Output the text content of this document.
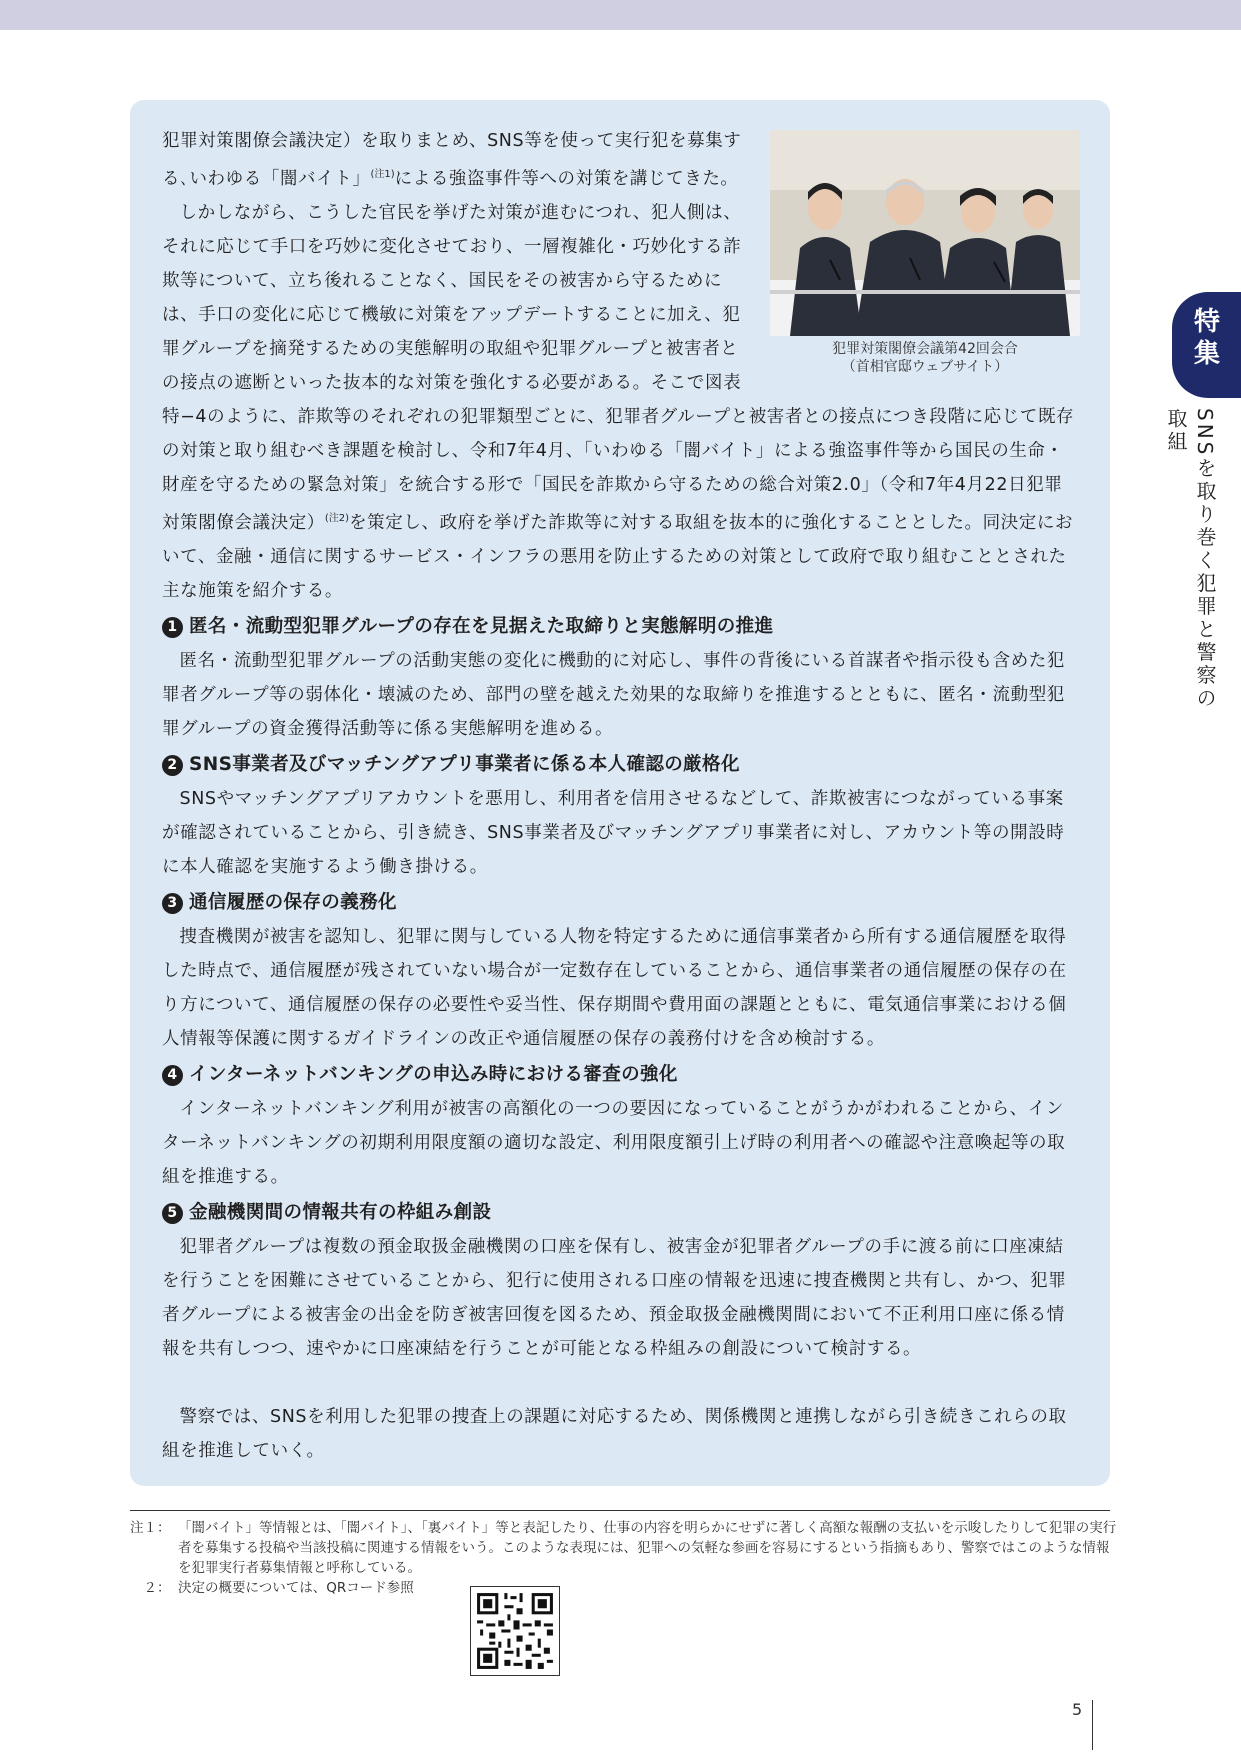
犯罪対策閣僚会議第42回会合
（首相官邸ウェブサイト）

犯罪対策閣僚会議決定）を取りまとめ、SNS等を使って実行犯を募集する､いわゆる「闇バイト」$^{(注1)}$による強盗事件等への対策を講じてきた。

しかしながら、こうした官民を挙げた対策が進むにつれ、犯人側は、それに応じて手口を巧妙に変化させており、一層複雑化・巧妙化する詐欺等について、立ち後れることなく、国民をその被害から守るためには、手口の変化に応じて機敏に対策をアップデートすることに加え、犯罪グループを摘発するための実態解明の取組や犯罪グループと被害者との接点の遮断といった抜本的な対策を強化する必要がある。そこで図表特−4のように、詐欺等のそれぞれの犯罪類型ごとに、犯罪者グループと被害者との接点につき段階に応じて既存の対策と取り組むべき課題を検討し、令和7年4月、「いわゆる「闇バイト」による強盗事件等から国民の生命・財産を守るための緊急対策」を統合する形で「国民を詐欺から守るための総合対策2.0」（令和7年4月22日犯罪対策閣僚会議決定）$^{(注2)}$を策定し、政府を挙げた詐欺等に対する取組を抜本的に強化することとした。同決定において、金融・通信に関するサービス・インフラの悪用を防止するための対策として政府で取り組むこととされた主な施策を紹介する。

1 匿名・流動型犯罪グループの存在を見据えた取締りと実態解明の推進

匿名・流動型犯罪グループの活動実態の変化に機動的に対応し、事件の背後にいる首謀者や指示役も含めた犯罪者グループ等の弱体化・壊滅のため、部門の壁を越えた効果的な取締りを推進するとともに、匿名・流動型犯罪グループの資金獲得活動等に係る実態解明を進める。

2 SNS事業者及びマッチングアプリ事業者に係る本人確認の厳格化

SNSやマッチングアプリアカウントを悪用し、利用者を信用させるなどして、詐欺被害につながっている事案が確認されていることから、引き続き、SNS事業者及びマッチングアプリ事業者に対し、アカウント等の開設時に本人確認を実施するよう働き掛ける。

3 通信履歴の保存の義務化

捜査機関が被害を認知し、犯罪に関与している人物を特定するために通信事業者から所有する通信履歴を取得した時点で、通信履歴が残されていない場合が一定数存在していることから、通信事業者の通信履歴の保存の在り方について、通信履歴の保存の必要性や妥当性、保存期間や費用面の課題とともに、電気通信事業における個人情報等保護に関するガイドラインの改正や通信履歴の保存の義務付けを含め検討する。

4 インターネットバンキングの申込み時における審査の強化

インターネットバンキング利用が被害の高額化の一つの要因になっていることがうかがわれることから、インターネットバンキングの初期利用限度額の適切な設定、利用限度額引上げ時の利用者への確認や注意喚起等の取組を推進する。

5 金融機関間の情報共有の枠組み創設

犯罪者グループは複数の預金取扱金融機関の口座を保有し、被害金が犯罪者グループの手に渡る前に口座凍結を行うことを困難にさせていることから、犯行に使用される口座の情報を迅速に捜査機関と共有し、かつ、犯罪者グループによる被害金の出金を防ぎ被害回復を図るため、預金取扱金融機関間において不正利用口座に係る情報を共有しつつ、速やかに口座凍結を行うことが可能となる枠組みの創設について検討する。

警察では、SNSを利用した犯罪の捜査上の課題に対応するため、関係機関と連携しながら引き続きこれらの取組を推進していく。

特集
SNSを取り巻く犯罪と警察の取組
注１： 「闇バイト」等情報とは、「闇バイト」、「裏バイト」等と表記したり、仕事の内容を明らかにせずに著しく高額な報酬の支払いを示唆したりして犯罪の実行者を募集する投稿や当該投稿に関連する情報をいう。このような表現には、犯罪への気軽な参画を容易にするという指摘もあり、警察ではこのような情報を犯罪実行者募集情報と呼称している。
　２： 決定の概要については、QRコード参照
5
